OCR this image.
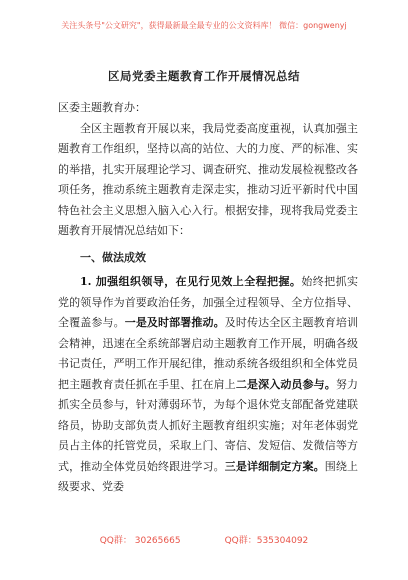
关注头条号"公文研究"，获得最新最全最专业的公文资料库！ 微信：gongwenyj
区局党委主题教育工作开展情况总结

区委主题教育办：

全区主题教育开展以来，我局党委高度重视，认真加强主题教育工作组织，坚持以高的站位、大的力度、严的标准、实的举措，扎实开展理论学习、调查研究、推动发展检视整改各项任务，推动系统主题教育走深走实，推动习近平新时代中国特色社会主义思想入脑入心入行。根据安排，现将我局党委主题教育开展情况总结如下：

一、做法成效

1. 加强组织领导，在见行见效上全程把握。始终把抓实党的领导作为首要政治任务，加强全过程领导、全方位指导、全覆盖参与。一是及时部署推动。及时传达全区主题教育培训会精神，迅速在全系统部署启动主题教育工作开展，明确各级书记责任，严明工作开展纪律，推动系统各级组织和全体党员把主题教育责任抓在手里、扛在肩上二是深入动员参与。努力抓实全员参与，针对薄弱环节，为每个退休党支部配备党建联络员，协助支部负责人抓好主题教育组织实施；对年老体弱党员占主体的托管党员，采取上门、寄信、发短信、发微信等方式，推动全体党员始终跟进学习。三是详细制定方案。围绕上级要求、党委

QQ群： 30265665	QQ群：535304092
